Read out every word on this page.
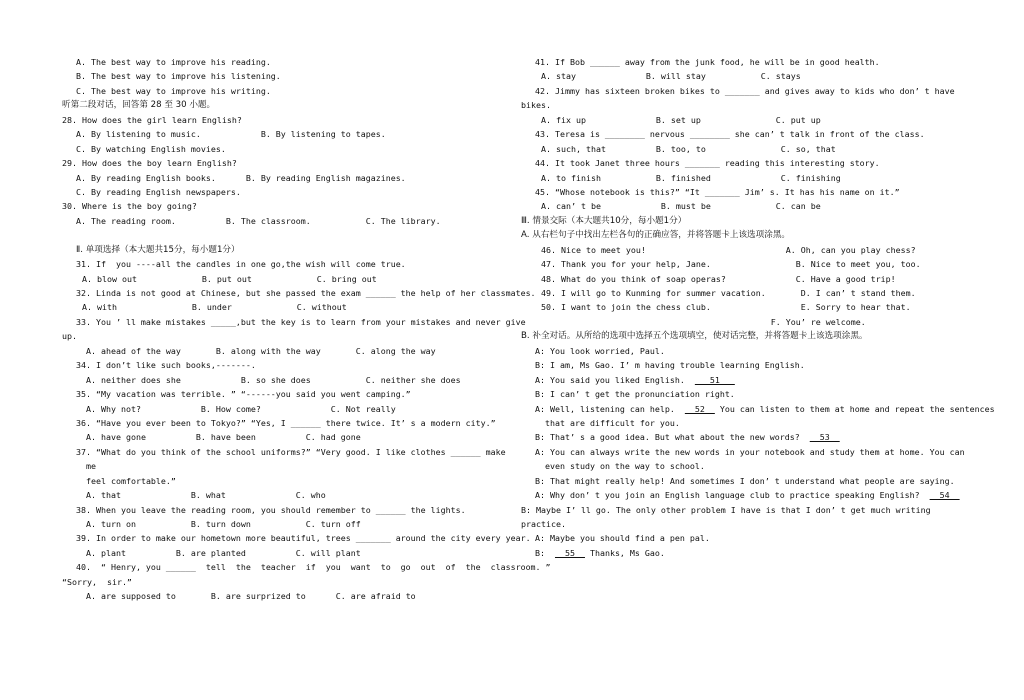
A. The best way to improve his reading.
B. The best way to improve his listening.
C. The best way to improve his writing.
听第二段对话，回答第 28 至 30 小题。
28. How does the girl learn English?
A. By listening to music.            B. By listening to tapes.
C. By watching English movies.
29. How does the boy learn English?
A. By reading English books.      B. By reading English magazines.
C. By reading English newspapers.
30. Where is the boy going?
A. The reading room.          B. The classroom.           C. The library.
Ⅱ. 单项选择（本大题共15分，每小题1分）
31. If  you ----all the candles in one go,the wish will come true.
A. blow out             B. put out             C. bring out
32. Linda is not good at Chinese, but she passed the exam ______ the help of her classmates.
A. with               B. under             C. without
33. You ’ ll make mistakes _____,but the key is to learn from your mistakes and never give
up.
A. ahead of the way       B. along with the way       C. along the way
34. I don’t like such books,-------.
A. neither does she            B. so she does           C. neither she does
35. “My vacation was terrible. ” “------you said you went camping.”
A. Why not?            B. How come?              C. Not really
36. “Have you ever been to Tokyo?” “Yes, I ______ there twice. It’ s a modern city.”
A. have gone          B. have been          C. had gone
37. “What do you think of the school uniforms?” “Very good. I like clothes ______ make
me
feel comfortable.”
A. that              B. what              C. who
38. When you leave the reading room, you should remember to ______ the lights.
A. turn on           B. turn down           C. turn off
39. In order to make our hometown more beautiful, trees _______ around the city every year.
A. plant          B. are planted          C. will plant
40.  “ Henry, you ______  tell  the  teacher  if  you  want  to  go  out  of  the  classroom. ”
“Sorry,  sir.”
A. are supposed to       B. are surprized to      C. are afraid to
41. If Bob ______ away from the junk food, he will be in good health.
A. stay              B. will stay           C. stays
42. Jimmy has sixteen broken bikes to _______ and gives away to kids who don’ t have
bikes.
A. fix up              B. set up               C. put up
43. Teresa is ________ nervous ________ she can’ t talk in front of the class.
A. such, that          B. too, to               C. so, that
44. It took Janet three hours _______ reading this interesting story.
A. to finish           B. finished              C. finishing
45. “Whose notebook is this?” “It _______ Jim’ s. It has his name on it.”
A. can’ t be            B. must be             C. can be
Ⅲ. 情景交际（本大题共10分，每小题1分）
A. 从右栏句子中找出左栏各句的正确应答，并将答题卡上该选项涂黑。
46. Nice to meet you!                            A. Oh, can you play chess?
47. Thank you for your help, Jane.                 B. Nice to meet you, too.
48. What do you think of soap operas?              C. Have a good trip!
49. I will go to Kunming for summer vacation.       D. I can’ t stand them.
50. I want to join the chess club.                  E. Sorry to hear that.
F. You’ re welcome.
B. 补全对话。从所给的选项中选择五个选项填空，使对话完整，并将答题卡上该选项涂黑。
A: You look worried, Paul.
B: I am, Ms Gao. I’ m having trouble learning English.
A: You said you liked English.     51
B: I can’ t get the pronunciation right.
A: Well, listening can help.    52   You can listen to them at home and repeat the sentences
that are difficult for you.
B: That’ s a good idea. But what about the new words?    53
A: You can always write the new words in your notebook and study them at home. You can
even study on the way to school.
B: That might really help! And sometimes I don’ t understand what people are saying.
A: Why don’ t you join an English language club to practice speaking English?    54
B: Maybe I’ ll go. The only other problem I have is that I don’ t get much writing
practice.
A: Maybe you should find a pen pal.
B:    55   Thanks, Ms Gao.
